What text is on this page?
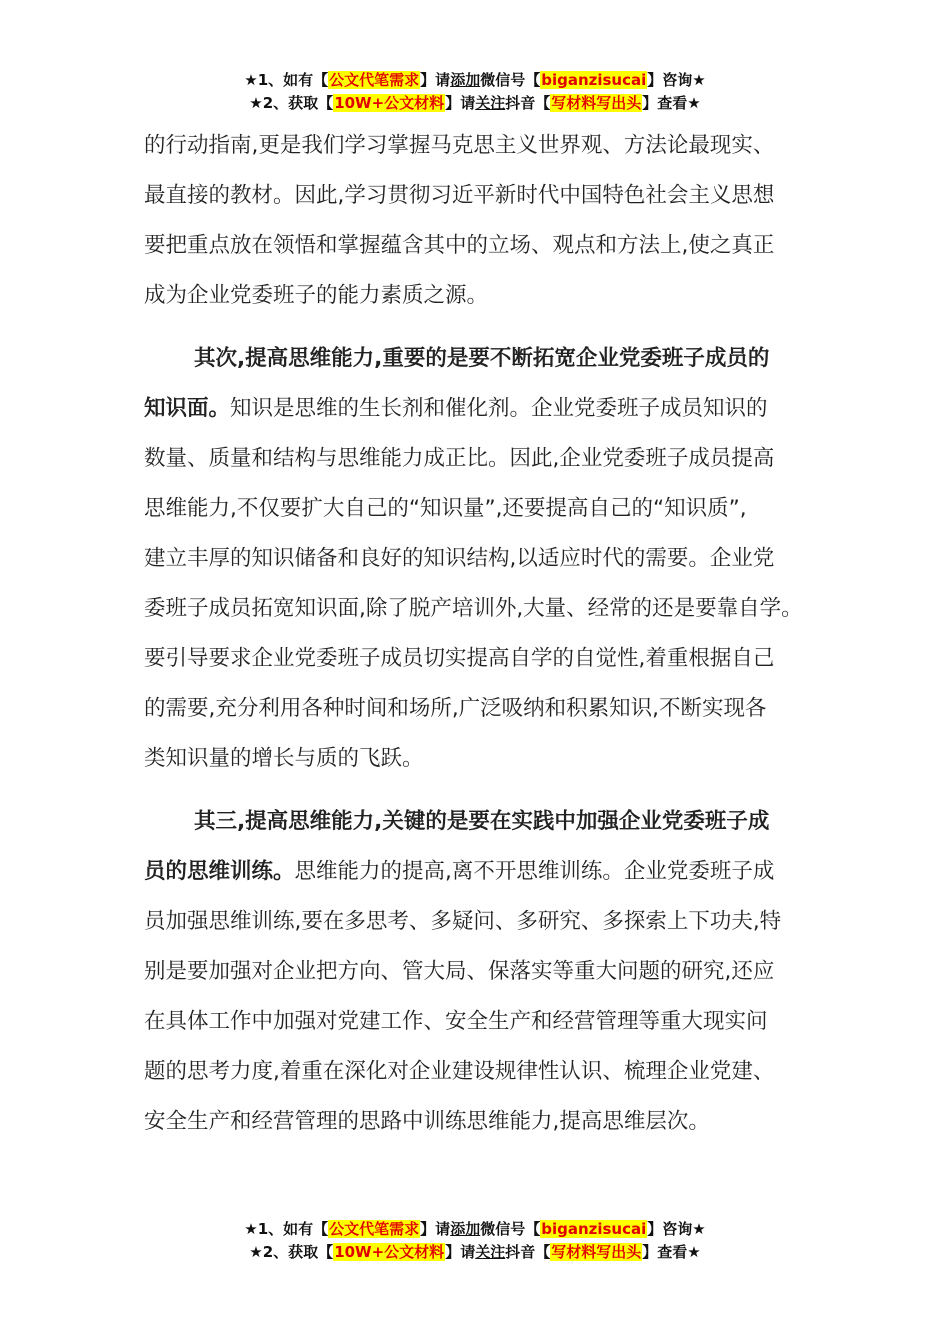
★1、如有【公文代笔需求】请添加微信号【biganzisucai】咨询★
★2、获取【10W+公文材料】请关注抖音【写材料写出头】查看★
的行动指南,更是我们学习掌握马克思主义世界观、方法论最现实、
最直接的教材。因此,学习贯彻习近平新时代中国特色社会主义思想
要把重点放在领悟和掌握蕴含其中的立场、观点和方法上,使之真正
成为企业党委班子的能力素质之源。
其次,提高思维能力,重要的是要不断拓宽企业党委班子成员的
知识面。知识是思维的生长剂和催化剂。企业党委班子成员知识的
数量、质量和结构与思维能力成正比。因此,企业党委班子成员提高
思维能力,不仅要扩大自己的“知识量”,还要提高自己的“知识质”,
建立丰厚的知识储备和良好的知识结构,以适应时代的需要。企业党
委班子成员拓宽知识面,除了脱产培训外,大量、经常的还是要靠自学。
要引导要求企业党委班子成员切实提高自学的自觉性,着重根据自己
的需要,充分利用各种时间和场所,广泛吸纳和积累知识,不断实现各
类知识量的增长与质的飞跃。
其三,提高思维能力,关键的是要在实践中加强企业党委班子成
员的思维训练。思维能力的提高,离不开思维训练。企业党委班子成
员加强思维训练,要在多思考、多疑问、多研究、多探索上下功夫,特
别是要加强对企业把方向、管大局、保落实等重大问题的研究,还应
在具体工作中加强对党建工作、安全生产和经营管理等重大现实问
题的思考力度,着重在深化对企业建设规律性认识、梳理企业党建、
安全生产和经营管理的思路中训练思维能力,提高思维层次。
★1、如有【公文代笔需求】请添加微信号【biganzisucai】咨询★
★2、获取【10W+公文材料】请关注抖音【写材料写出头】查看★
